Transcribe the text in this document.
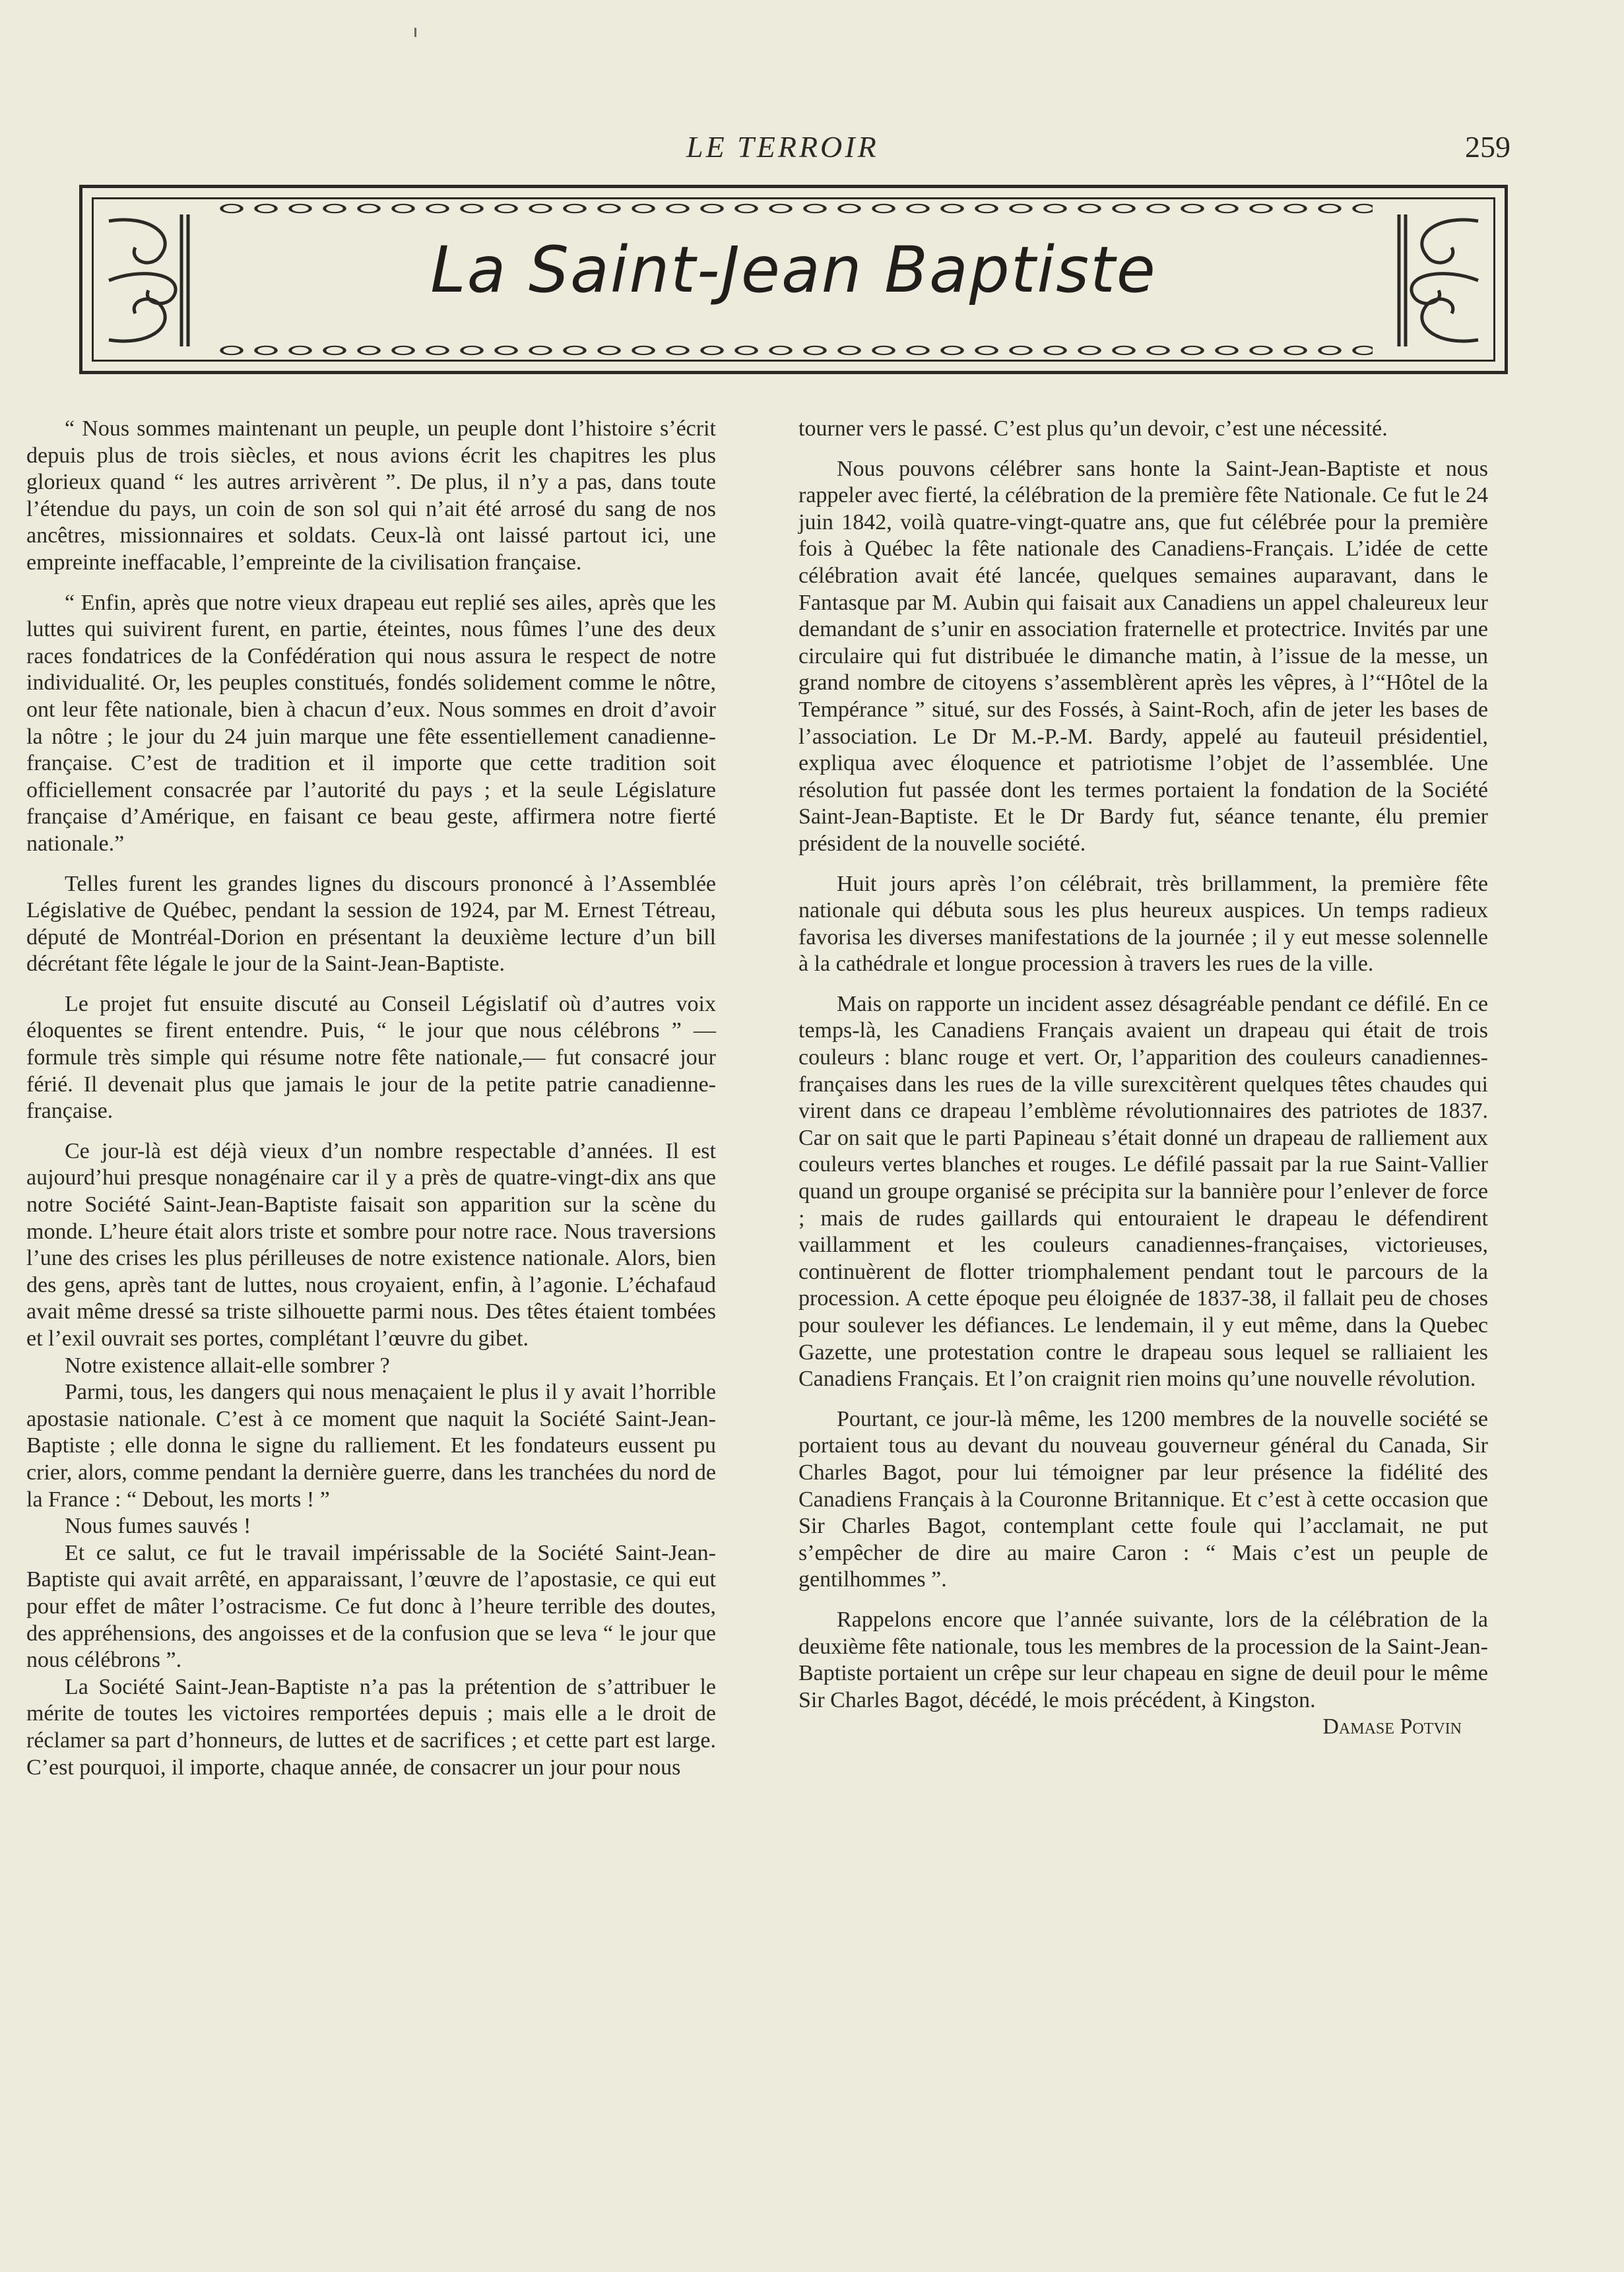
LE TERROIR	259
La Saint-Jean Baptiste

“ Nous sommes maintenant un peuple, un peuple dont l’histoire s’écrit depuis plus de trois siècles, et nous avions écrit les chapitres les plus glorieux quand “ les autres arrivèrent ”. De plus, il n’y a pas, dans toute l’étendue du pays, un coin de son sol qui n’ait été arrosé du sang de nos ancêtres, missionnaires et soldats. Ceux-là ont laissé partout ici, une empreinte ineffacable, l’empreinte de la civilisation française.

“ Enfin, après que notre vieux drapeau eut replié ses ailes, après que les luttes qui suivirent furent, en partie, éteintes, nous fûmes l’une des deux races fondatrices de la Confédération qui nous assura le respect de notre individualité. Or, les peuples constitués, fondés solidement comme le nôtre, ont leur fête nationale, bien à chacun d’eux. Nous sommes en droit d’avoir la nôtre ; le jour du 24 juin marque une fête essentiellement canadienne-française. C’est de tradition et il importe que cette tradition soit officiellement consacrée par l’autorité du pays ; et la seule Législature française d’Amérique, en faisant ce beau geste, affirmera notre fierté nationale.”

Telles furent les grandes lignes du discours prononcé à l’Assemblée Législative de Québec, pendant la session de 1924, par M. Ernest Tétreau, député de Montréal-Dorion en présentant la deuxième lecture d’un bill décrétant fête légale le jour de la Saint-Jean-Baptiste.

Le projet fut ensuite discuté au Conseil Législatif où d’autres voix éloquentes se firent entendre. Puis, “ le jour que nous célébrons ” — formule très simple qui résume notre fête nationale,— fut consacré jour férié. Il devenait plus que jamais le jour de la petite patrie canadienne-française.

Ce jour-là est déjà vieux d’un nombre respectable d’années. Il est aujourd’hui presque nonagénaire car il y a près de quatre-vingt-dix ans que notre Société Saint-Jean-Baptiste faisait son apparition sur la scène du monde. L’heure était alors triste et sombre pour notre race. Nous traversions l’une des crises les plus périlleuses de notre existence nationale. Alors, bien des gens, après tant de luttes, nous croyaient, enfin, à l’agonie. L’échafaud avait même dressé sa triste silhouette parmi nous. Des têtes étaient tombées et l’exil ouvrait ses portes, complétant l’œuvre du gibet.

Notre existence allait-elle sombrer ?

Parmi, tous, les dangers qui nous menaçaient le plus il y avait l’horrible apostasie nationale. C’est à ce moment que naquit la Société Saint-Jean-Baptiste ; elle donna le signe du ralliement. Et les fondateurs eussent pu crier, alors, comme pendant la dernière guerre, dans les tranchées du nord de la France : “ Debout, les morts ! ”

Nous fumes sauvés !

Et ce salut, ce fut le travail impérissable de la Société Saint-Jean-Baptiste qui avait arrêté, en apparaissant, l’œuvre de l’apostasie, ce qui eut pour effet de mâter l’ostracisme. Ce fut donc à l’heure terrible des doutes, des appréhensions, des angoisses et de la confusion que se leva “ le jour que nous célébrons ”.

La Société Saint-Jean-Baptiste n’a pas la prétention de s’attribuer le mérite de toutes les victoires remportées depuis ; mais elle a le droit de réclamer sa part d’honneurs, de luttes et de sacrifices ; et cette part est large. C’est pourquoi, il importe, chaque année, de consacrer un jour pour nous

tourner vers le passé. C’est plus qu’un devoir, c’est une nécessité.

Nous pouvons célébrer sans honte la Saint-Jean-Baptiste et nous rappeler avec fierté, la célébration de la première fête Nationale. Ce fut le 24 juin 1842, voilà quatre-vingt-quatre ans, que fut célébrée pour la première fois à Québec la fête nationale des Canadiens-Français. L’idée de cette célébration avait été lancée, quelques semaines auparavant, dans le Fantasque par M. Aubin qui faisait aux Canadiens un appel chaleureux leur demandant de s’unir en association fraternelle et protectrice. Invités par une circulaire qui fut distribuée le dimanche matin, à l’issue de la messe, un grand nombre de citoyens s’assemblèrent après les vêpres, à l’“Hôtel de la Tempérance ” situé, sur des Fossés, à Saint-Roch, afin de jeter les bases de l’association. Le Dr M.-P.-M. Bardy, appelé au fauteuil présidentiel, expliqua avec éloquence et patriotisme l’objet de l’assemblée. Une résolution fut passée dont les termes portaient la fondation de la Société Saint-Jean-Baptiste. Et le Dr Bardy fut, séance tenante, élu premier président de la nouvelle société.

Huit jours après l’on célébrait, très brillamment, la première fête nationale qui débuta sous les plus heureux auspices. Un temps radieux favorisa les diverses manifestations de la journée ; il y eut messe solennelle à la cathédrale et longue procession à travers les rues de la ville.

Mais on rapporte un incident assez désagréable pendant ce défilé. En ce temps-là, les Canadiens Français avaient un drapeau qui était de trois couleurs : blanc rouge et vert. Or, l’apparition des couleurs canadiennes-françaises dans les rues de la ville surexcitèrent quelques têtes chaudes qui virent dans ce drapeau l’emblème révolutionnaires des patriotes de 1837. Car on sait que le parti Papineau s’était donné un drapeau de ralliement aux couleurs vertes blanches et rouges. Le défilé passait par la rue Saint-Vallier quand un groupe organisé se précipita sur la bannière pour l’enlever de force ; mais de rudes gaillards qui entouraient le drapeau le défendirent vaillamment et les couleurs canadiennes-françaises, victorieuses, continuèrent de flotter triomphalement pendant tout le parcours de la procession. A cette époque peu éloignée de 1837-38, il fallait peu de choses pour soulever les défiances. Le lendemain, il y eut même, dans la Quebec Gazette, une protestation contre le drapeau sous lequel se ralliaient les Canadiens Français. Et l’on craignit rien moins qu’une nouvelle révolution.

Pourtant, ce jour-là même, les 1200 membres de la nouvelle société se portaient tous au devant du nouveau gouverneur général du Canada, Sir Charles Bagot, pour lui témoigner par leur présence la fidélité des Canadiens Français à la Couronne Britannique. Et c’est à cette occasion que Sir Charles Bagot, contemplant cette foule qui l’acclamait, ne put s’empêcher de dire au maire Caron : “ Mais c’est un peuple de gentilhommes ”.

Rappelons encore que l’année suivante, lors de la célébration de la deuxième fête nationale, tous les membres de la procession de la Saint-Jean-Baptiste portaient un crêpe sur leur chapeau en signe de deuil pour le même Sir Charles Bagot, décédé, le mois précédent, à Kingston.

Damase Potvin
